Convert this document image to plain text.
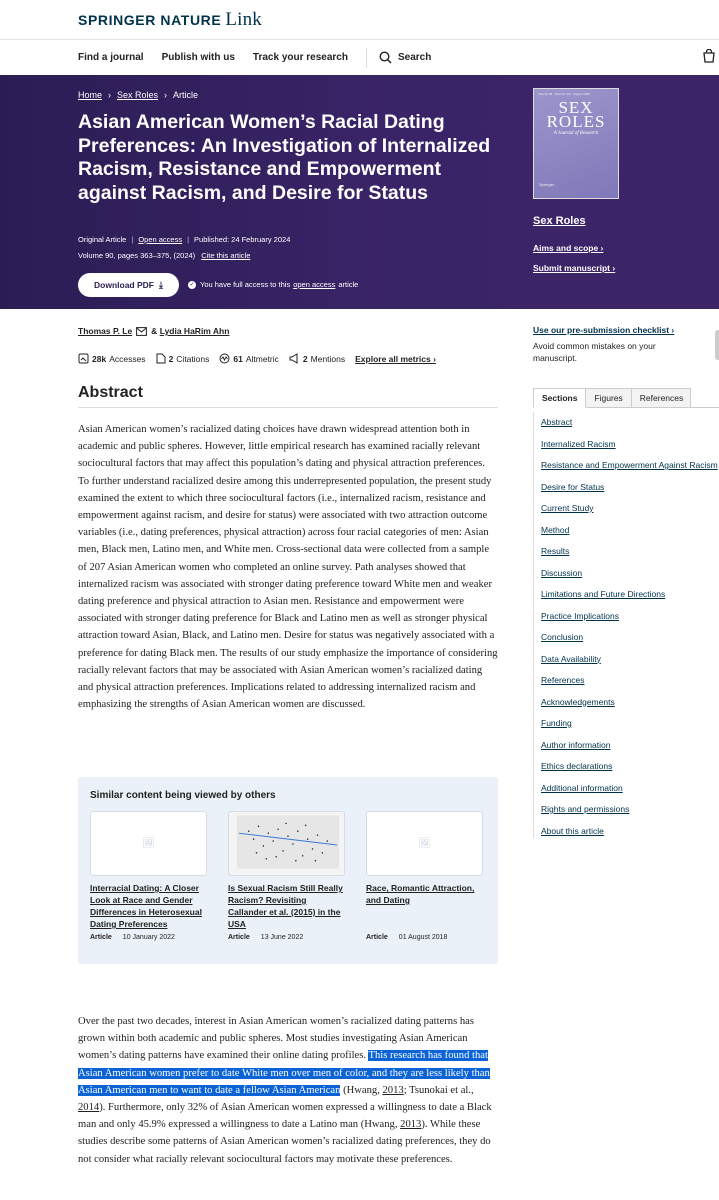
SPRINGER NATURE Link
Find a journal Publish with us Track your research	Search
Home › Sex Roles › Article
Asian American Women’s Racial Dating Preferences: An Investigation of Internalized Racism, Resistance and Empowerment against Racism, and Desire for Status
Original Article | Open access | Published: 24 February 2024
Volume 90, pages 363–375, (2024) Cite this article
Download PDF ⤓	✓ You have full access to this open access article
Volume 83 · Number 3/4 · August 2020
SEX
ROLES
A Journal of Research
Springer
Sex Roles
Aims and scope ›
Submit manuscript ›
Thomas P. Le &
Lydia HaRim Ahn
28k Accesses	2 Citations	61 Altmetric	2 Mentions Explore all metrics ›
Abstract

Asian American women’s racialized dating choices have drawn widespread attention both in academic and public spheres. However, little empirical research has examined racially relevant sociocultural factors that may affect this population’s dating and physical attraction preferences. To further understand racialized desire among this underrepresented population, the present study examined the extent to which three sociocultural factors (i.e., internalized racism, resistance and empowerment against racism, and desire for status) were associated with two attraction outcome variables (i.e., dating preferences, physical attraction) across four racial categories of men: Asian men, Black men, Latino men, and White men. Cross-sectional data were collected from a sample of 207 Asian American women who completed an online survey. Path analyses showed that internalized racism was associated with stronger dating preference toward White men and weaker dating preference and physical attraction to Asian men. Resistance and empowerment were associated with stronger dating preference for Black and Latino men as well as stronger physical attraction toward Asian, Black, and Latino men. Desire for status was negatively associated with a preference for dating Black men. The results of our study emphasize the importance of considering racially relevant factors that may be associated with Asian American women’s racialized dating and physical attraction preferences. Implications related to addressing internalized racism and emphasizing the strengths of Asian American women are discussed.

Similar content being viewed by others
🖼
Interracial Dating: A Closer Look at Race and Gender Differences in Heterosexual Dating Preferences
Article 10 January 2022
Is Sexual Racism Still Really Racism? Revisiting Callander et al. (2015) in the USA
Article 13 June 2022
🖼
Race, Romantic Attraction, and Dating
Article 01 August 2018

Over the past two decades, interest in Asian American women’s racialized dating patterns has grown within both academic and public spheres. Most studies investigating Asian American women’s dating patterns have examined their online dating profiles. This research has found that Asian American women prefer to date White men over men of color, and they are less likely than Asian American men to want to date a fellow Asian American (Hwang, 2013; Tsunokai et al., 2014). Furthermore, only 32% of Asian American women expressed a willingness to date a Black man and only 45.9% expressed a willingness to date a Latino man (Hwang, 2013). While these studies describe some patterns of Asian American women’s racialized dating preferences, they do not consider what racially relevant sociocultural factors may motivate these preferences.

Use our pre-submission checklist ›
Avoid common mistakes on your manuscript.
Sections	Figures	References
Abstract
Internalized Racism
Resistance and Empowerment Against Racism
Desire for Status
Current Study
Method
Results
Discussion
Limitations and Future Directions
Practice Implications
Conclusion
Data Availability
References
Acknowledgements
Funding
Author information
Ethics declarations
Additional information
Rights and permissions
About this article
